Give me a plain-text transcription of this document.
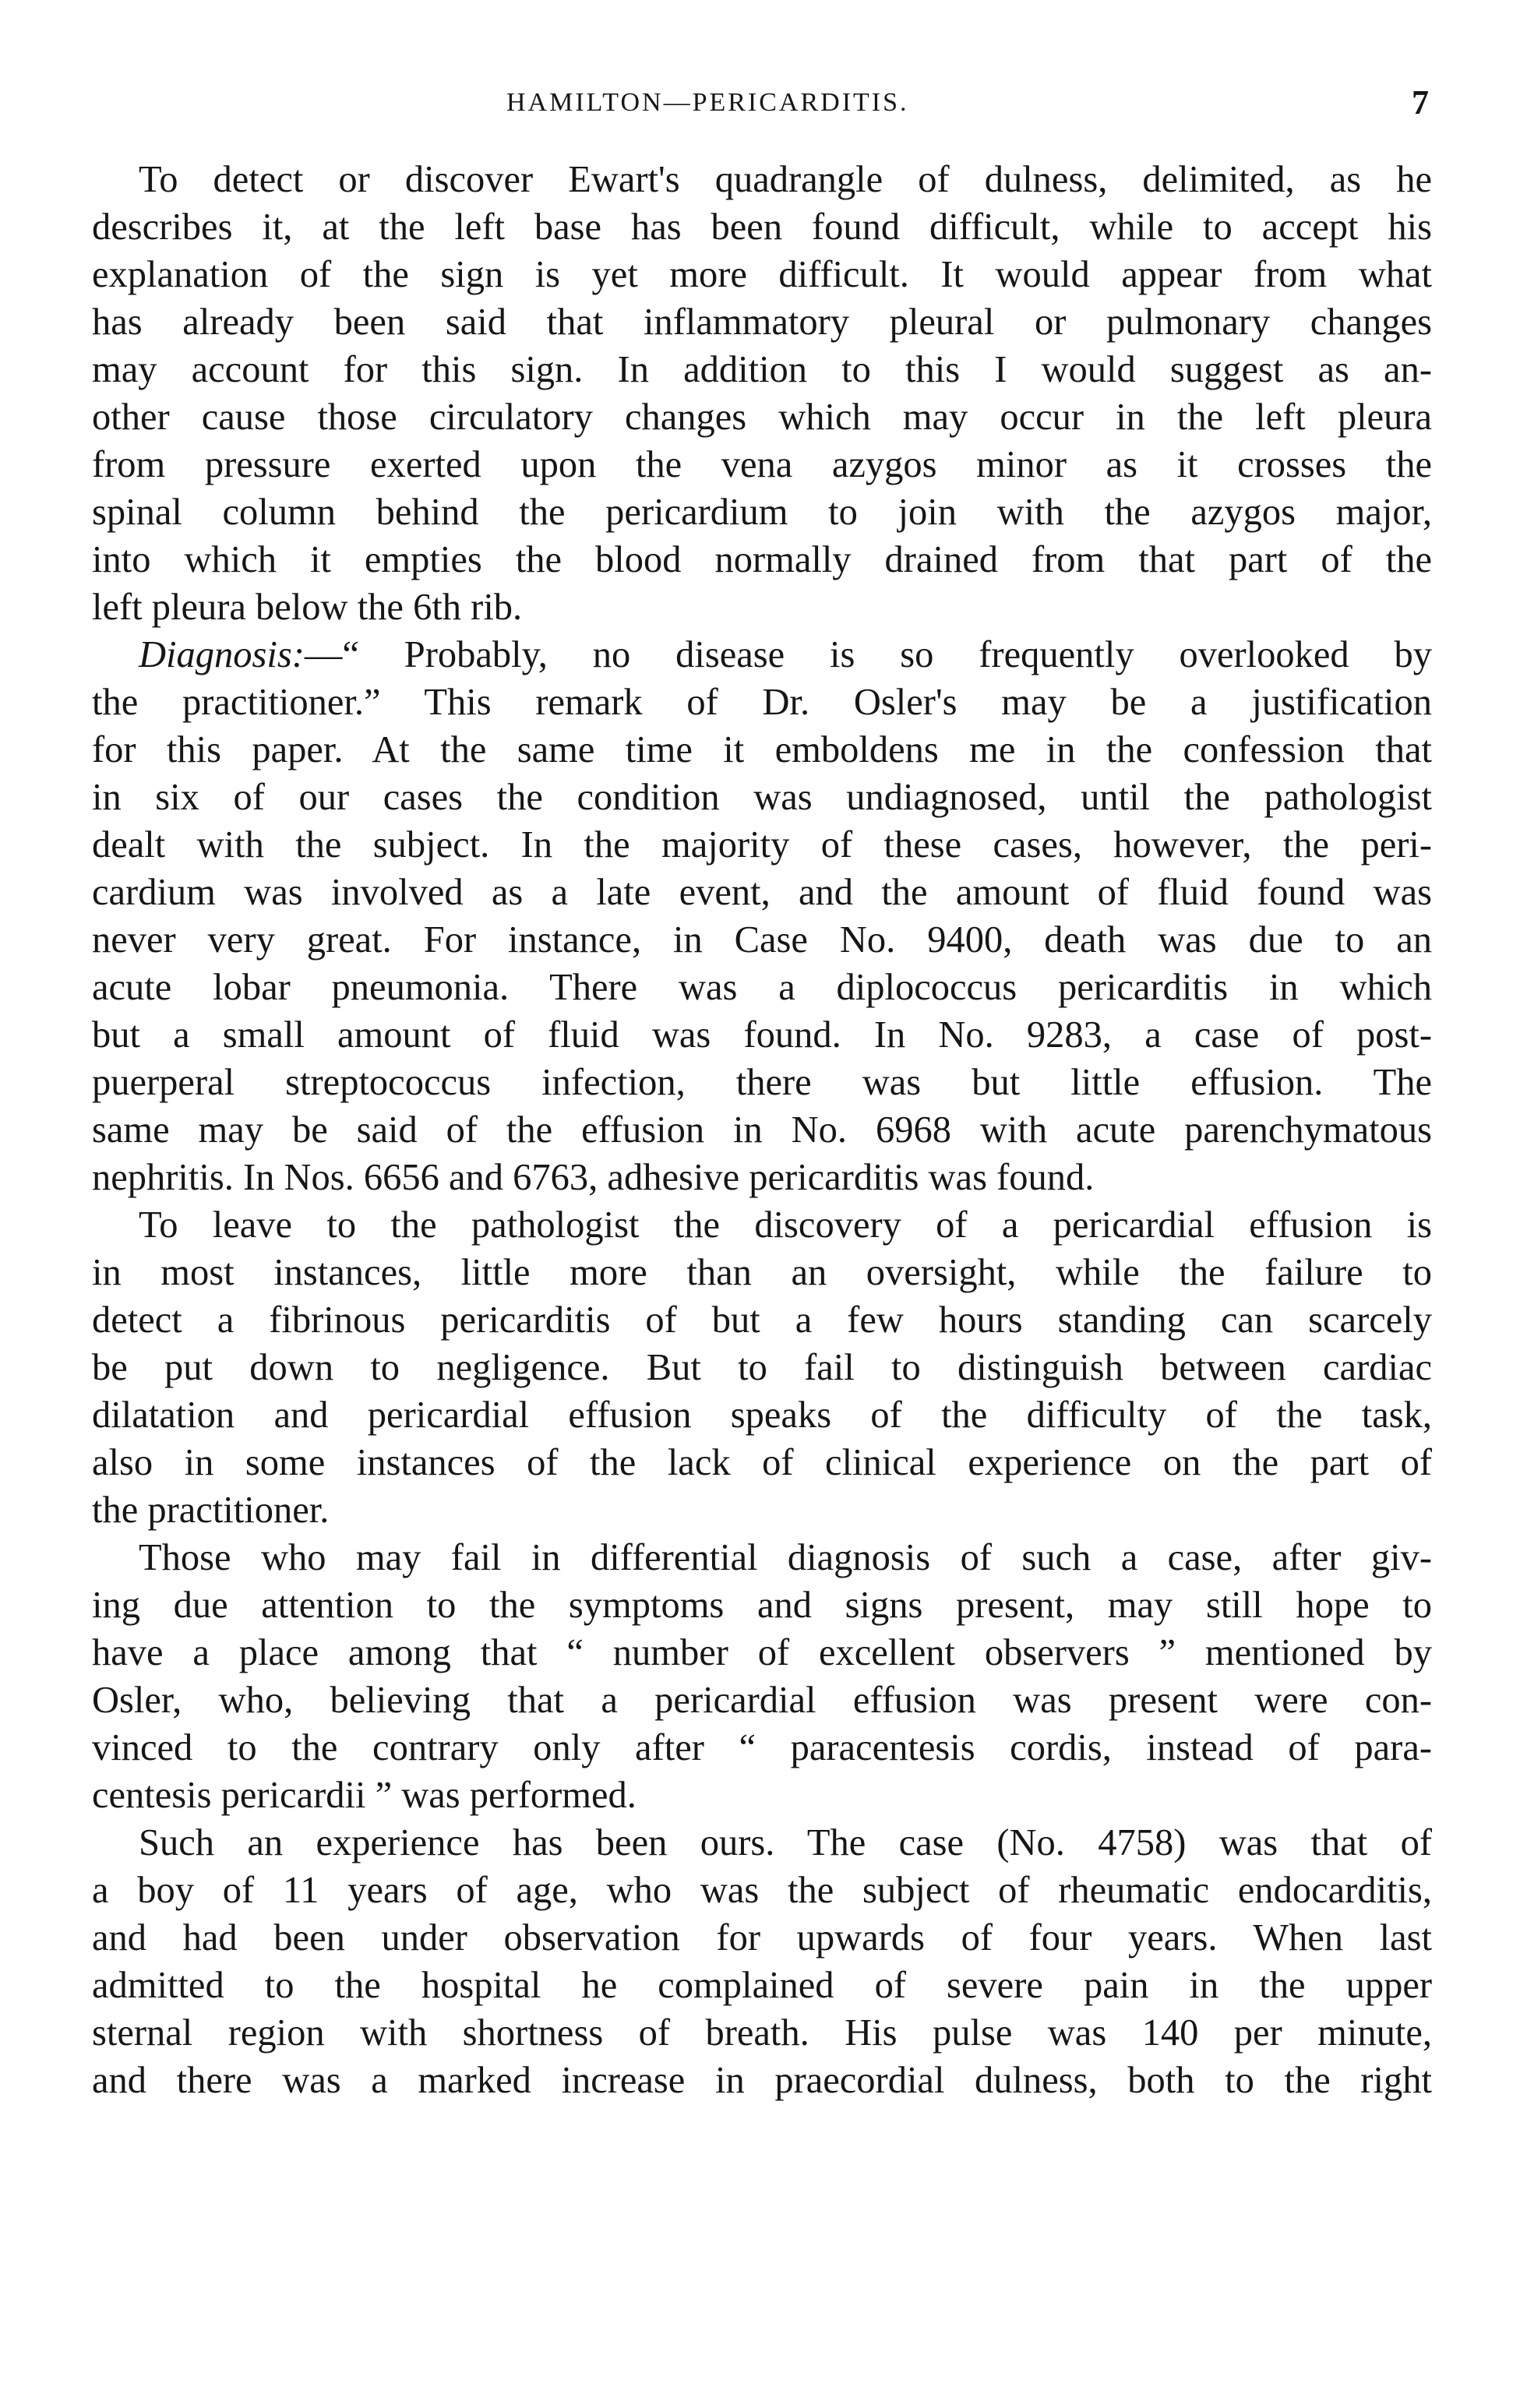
HAMILTON—PERICARDITIS.	7
To detect or discover Ewart's quadrangle of dulness, delimited, as he
describes it, at the left base has been found difficult, while to accept his
explanation of the sign is yet more difficult. It would appear from what
has already been said that inflammatory pleural or pulmonary changes
may account for this sign. In addition to this I would suggest as an-
other cause those circulatory changes which may occur in the left pleura
from pressure exerted upon the vena azygos minor as it crosses the
spinal column behind the pericardium to join with the azygos major,
into which it empties the blood normally drained from that part of the
left pleura below the 6th rib.
Diagnosis:—“ Probably, no disease is so frequently overlooked by
the practitioner.” This remark of Dr. Osler's may be a justification
for this paper. At the same time it emboldens me in the confession that
in six of our cases the condition was undiagnosed, until the pathologist
dealt with the subject. In the majority of these cases, however, the peri-
cardium was involved as a late event, and the amount of fluid found was
never very great. For instance, in Case No. 9400, death was due to an
acute lobar pneumonia. There was a diplococcus pericarditis in which
but a small amount of fluid was found. In No. 9283, a case of post-
puerperal streptococcus infection, there was but little effusion. The
same may be said of the effusion in No. 6968 with acute parenchymatous
nephritis. In Nos. 6656 and 6763, adhesive pericarditis was found.
To leave to the pathologist the discovery of a pericardial effusion is
in most instances, little more than an oversight, while the failure to
detect a fibrinous pericarditis of but a few hours standing can scarcely
be put down to negligence. But to fail to distinguish between cardiac
dilatation and pericardial effusion speaks of the difficulty of the task,
also in some instances of the lack of clinical experience on the part of
the practitioner.
Those who may fail in differential diagnosis of such a case, after giv-
ing due attention to the symptoms and signs present, may still hope to
have a place among that “ number of excellent observers ” mentioned by
Osler, who, believing that a pericardial effusion was present were con-
vinced to the contrary only after “ paracentesis cordis, instead of para-
centesis pericardii ” was performed.
Such an experience has been ours. The case (No. 4758) was that of
a boy of 11 years of age, who was the subject of rheumatic endocarditis,
and had been under observation for upwards of four years. When last
admitted to the hospital he complained of severe pain in the upper
sternal region with shortness of breath. His pulse was 140 per minute,
and there was a marked increase in praecordial dulness, both to the right
